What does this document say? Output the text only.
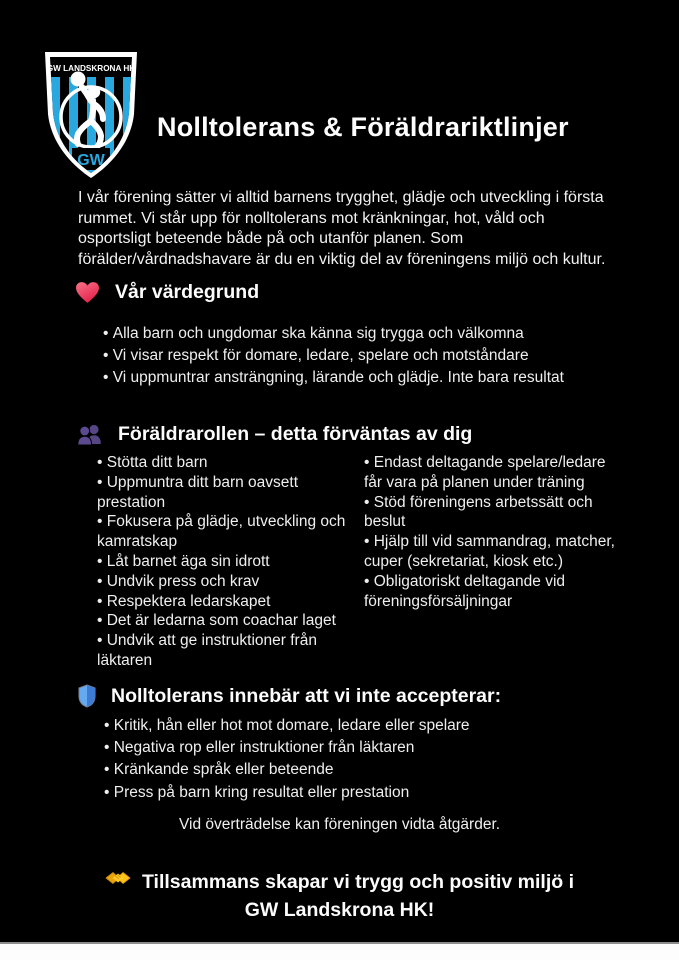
GW LANDSKRONA HK
GW
Nolltolerans & Föräldrariktlinjer
I vår förening sätter vi alltid barnens trygghet, glädje och utveckling i första
rummet. Vi står upp för nolltolerans mot kränkningar, hot, våld och
osportsligt beteende både på och utanför planen. Som
förälder/vårdnadshavare är du en viktig del av föreningens miljö och kultur.
Vår värdegrund
• Alla barn och ungdomar ska känna sig trygga och välkomna
• Vi visar respekt för domare, ledare, spelare och motståndare
• Vi uppmuntrar ansträngning, lärande och glädje. Inte bara resultat
Föräldrarollen – detta förväntas av dig
• Stötta ditt barn
• Uppmuntra ditt barn oavsett prestation
• Fokusera på glädje, utveckling och kamratskap
• Låt barnet äga sin idrott
• Undvik press och krav
• Respektera ledarskapet
• Det är ledarna som coachar laget
• Undvik att ge instruktioner från läktaren
• Endast deltagande spelare/ledare får vara på planen under träning
• Stöd föreningens arbetssätt och beslut
• Hjälp till vid sammandrag, matcher, cuper (sekretariat, kiosk etc.)
• Obligatoriskt deltagande vid föreningsförsäljningar
Nolltolerans innebär att vi inte accepterar:
• Kritik, hån eller hot mot domare, ledare eller spelare
• Negativa rop eller instruktioner från läktaren
• Kränkande språk eller beteende
• Press på barn kring resultat eller prestation
Vid överträdelse kan föreningen vidta åtgärder.
Tillsammans skapar vi trygg och positiv miljö i
GW Landskrona HK!
